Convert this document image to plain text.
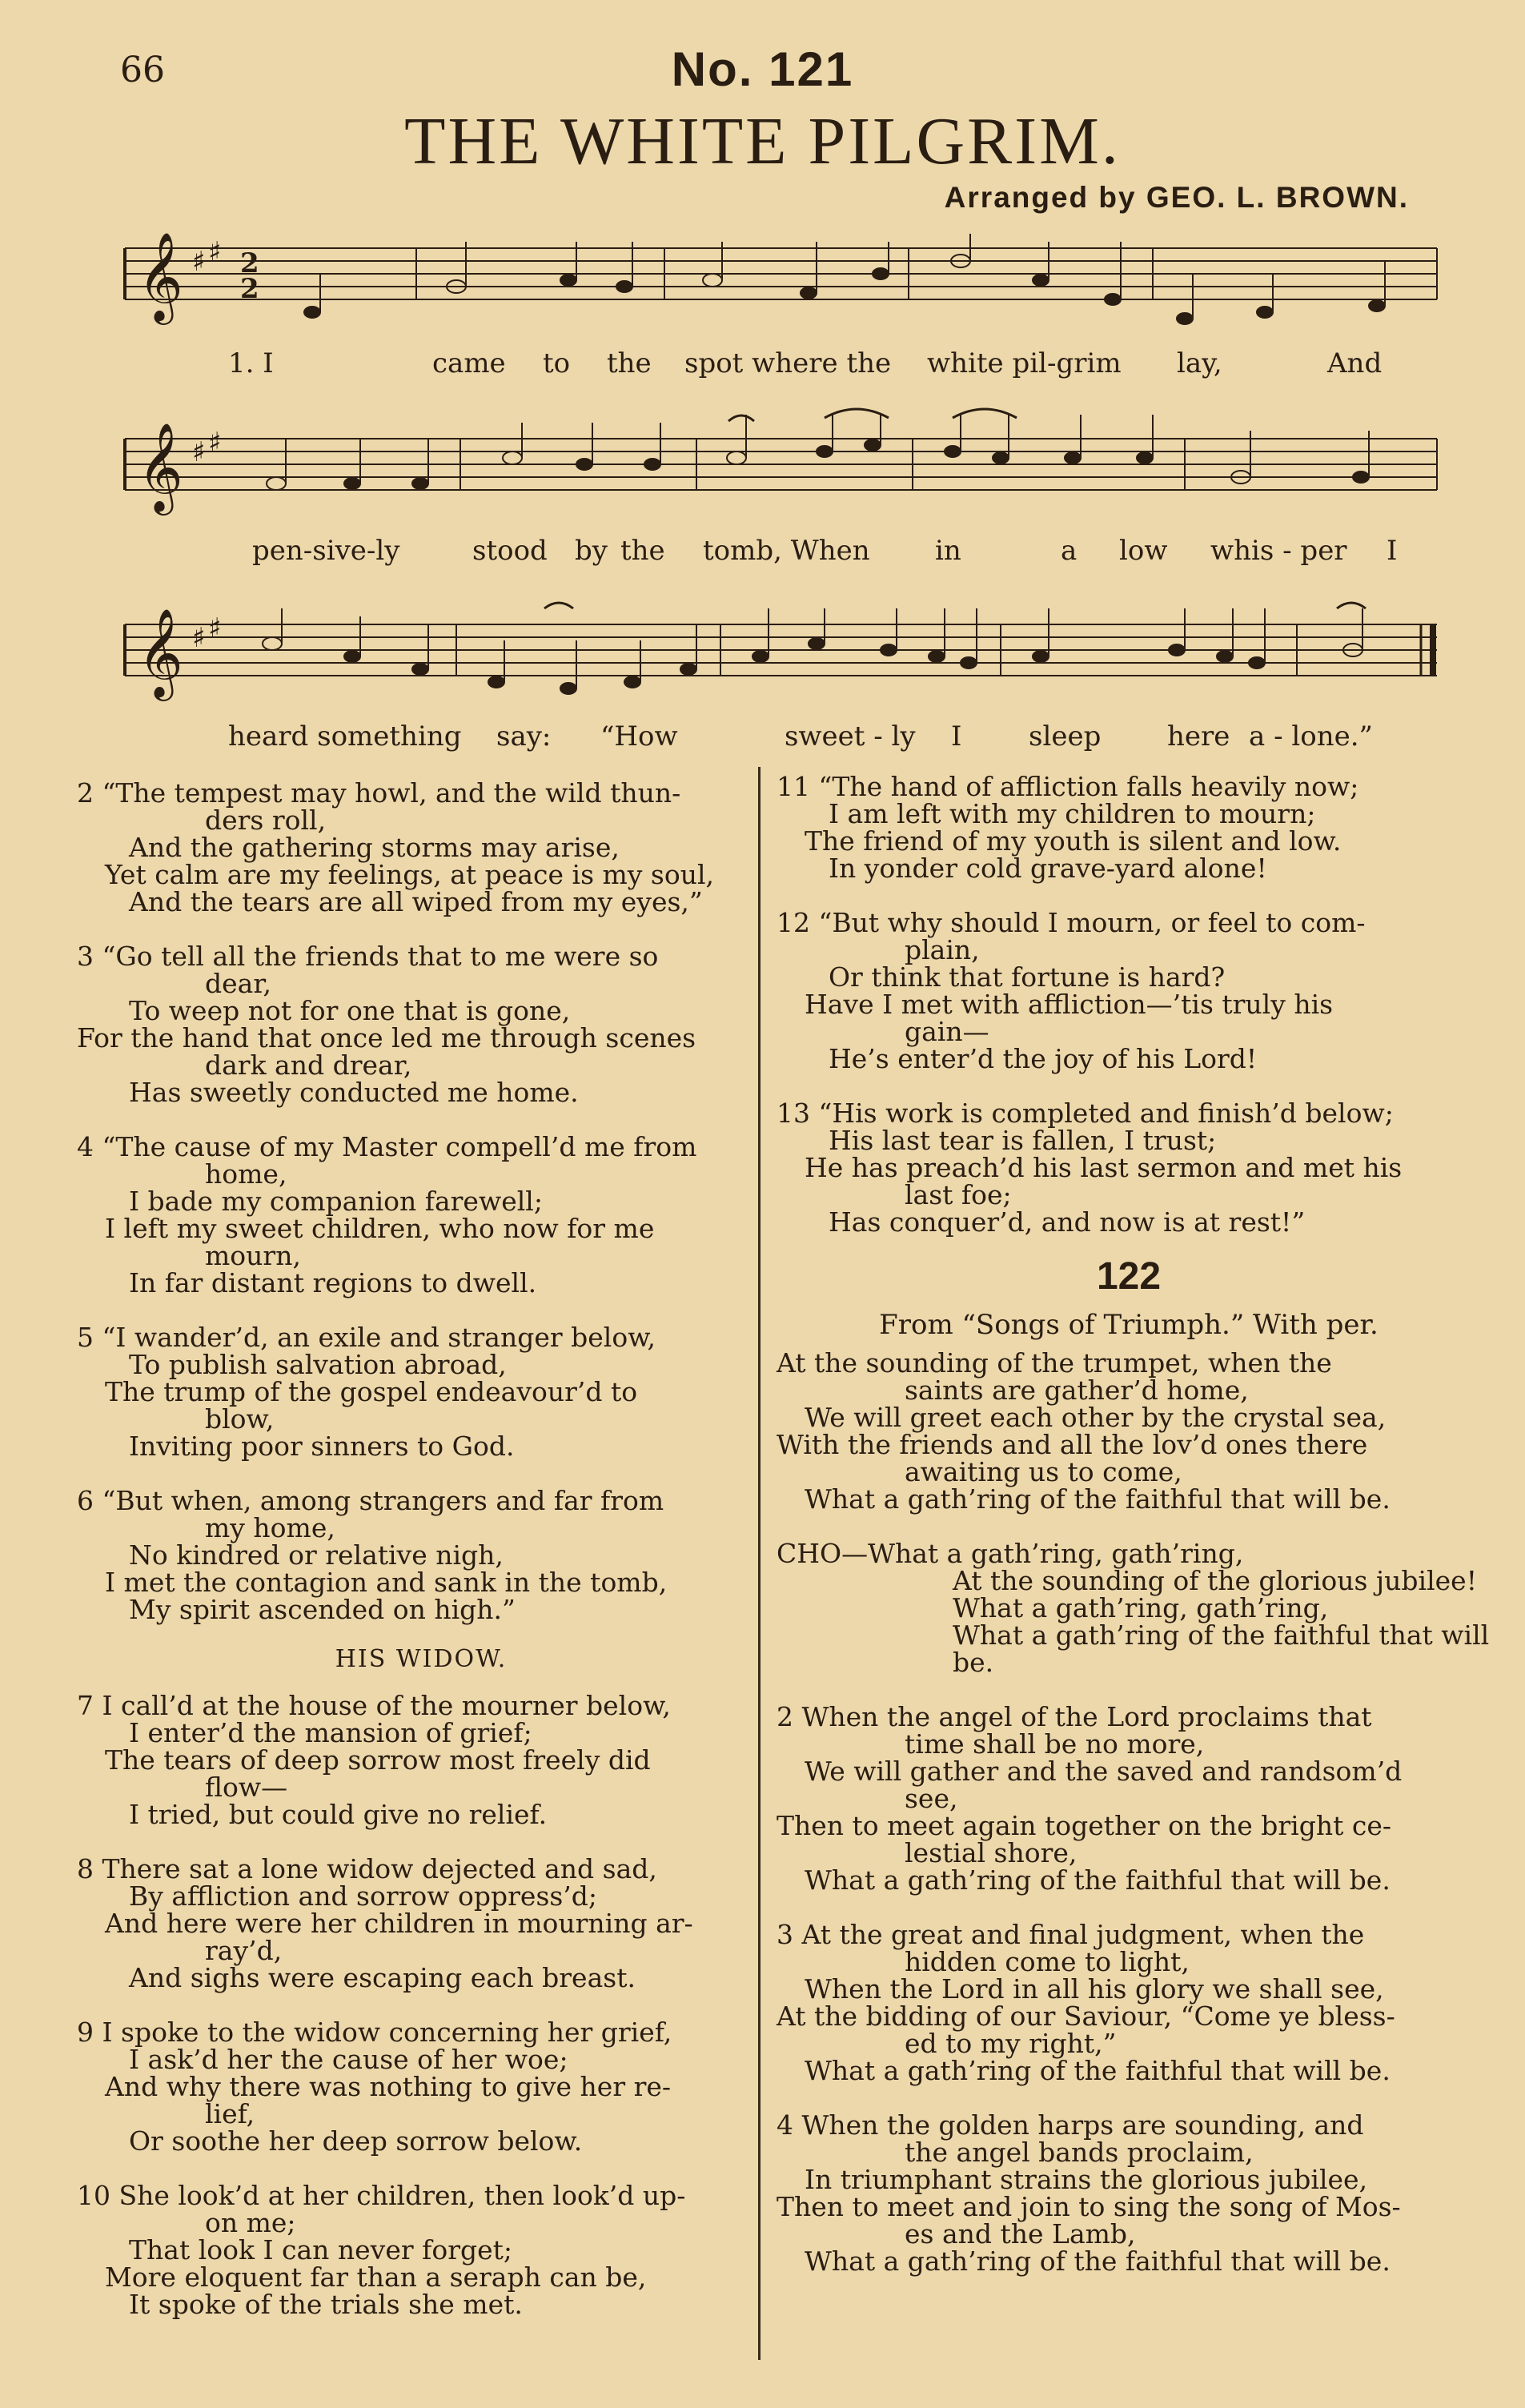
66	No. 121
THE WHITE PILGRIM.
Arranged by GEO. L. BROWN.
𝄞 ♯ ♯ 2
2
1. I	came to the spot where the white pil-grim lay,	And
𝄞 ♯ ♯
pen-sive-ly	stood by the tomb, When in	a low whis - per I
𝄞 ♯ ♯
heard something say: “How	sweet - ly I sleep here a - lone.”
2 “The tempest may howl, and the wild thun-
ders roll,
And the gathering storms may arise,
Yet calm are my feelings, at peace is my soul,
And the tears are all wiped from my eyes,”
3 “Go tell all the friends that to me were so
dear,
To weep not for one that is gone,
For the hand that once led me through scenes
dark and drear,
Has sweetly conducted me home.
4 “The cause of my Master compell’d me from
home,
I bade my companion farewell;
I left my sweet children, who now for me
mourn,
In far distant regions to dwell.
5 “I wander’d, an exile and stranger below,
To publish salvation abroad,
The trump of the gospel endeavour’d to
blow,
Inviting poor sinners to God.
6 “But when, among strangers and far from
my home,
No kindred or relative nigh,
I met the contagion and sank in the tomb,
My spirit ascended on high.”
HIS WIDOW.
7 I call’d at the house of the mourner below,
I enter’d the mansion of grief;
The tears of deep sorrow most freely did
flow—
I tried, but could give no relief.
8 There sat a lone widow dejected and sad,
By affliction and sorrow oppress’d;
And here were her children in mourning ar-
ray’d,
And sighs were escaping each breast.
9 I spoke to the widow concerning her grief,
I ask’d her the cause of her woe;
And why there was nothing to give her re-
lief,
Or soothe her deep sorrow below.
10 She look’d at her children, then look’d up-
on me;
That look I can never forget;
More eloquent far than a seraph can be,
It spoke of the trials she met.
11 “The hand of affliction falls heavily now;
I am left with my children to mourn;
The friend of my youth is silent and low.
In yonder cold grave-yard alone!
12 “But why should I mourn, or feel to com-
plain,
Or think that fortune is hard?
Have I met with affliction—’tis truly his
gain—
He’s enter’d the joy of his Lord!
13 “His work is completed and finish’d below;
His last tear is fallen, I trust;
He has preach’d his last sermon and met his
last foe;
Has conquer’d, and now is at rest!”
122
From “Songs of Triumph.” With per.
At the sounding of the trumpet, when the
saints are gather’d home,
We will greet each other by the crystal sea,
With the friends and all the lov’d ones there
awaiting us to come,
What a gath’ring of the faithful that will be.
CHO—What a gath’ring, gath’ring,
At the sounding of the glorious jubilee!
What a gath’ring, gath’ring,
What a gath’ring of the faithful that will
be.
2 When the angel of the Lord proclaims that
time shall be no more,
We will gather and the saved and randsom’d
see,
Then to meet again together on the bright ce-
lestial shore,
What a gath’ring of the faithful that will be.
3 At the great and final judgment, when the
hidden come to light,
When the Lord in all his glory we shall see,
At the bidding of our Saviour, “Come ye bless-
ed to my right,”
What a gath’ring of the faithful that will be.
4 When the golden harps are sounding, and
the angel bands proclaim,
In triumphant strains the glorious jubilee,
Then to meet and join to sing the song of Mos-
es and the Lamb,
What a gath’ring of the faithful that will be.
